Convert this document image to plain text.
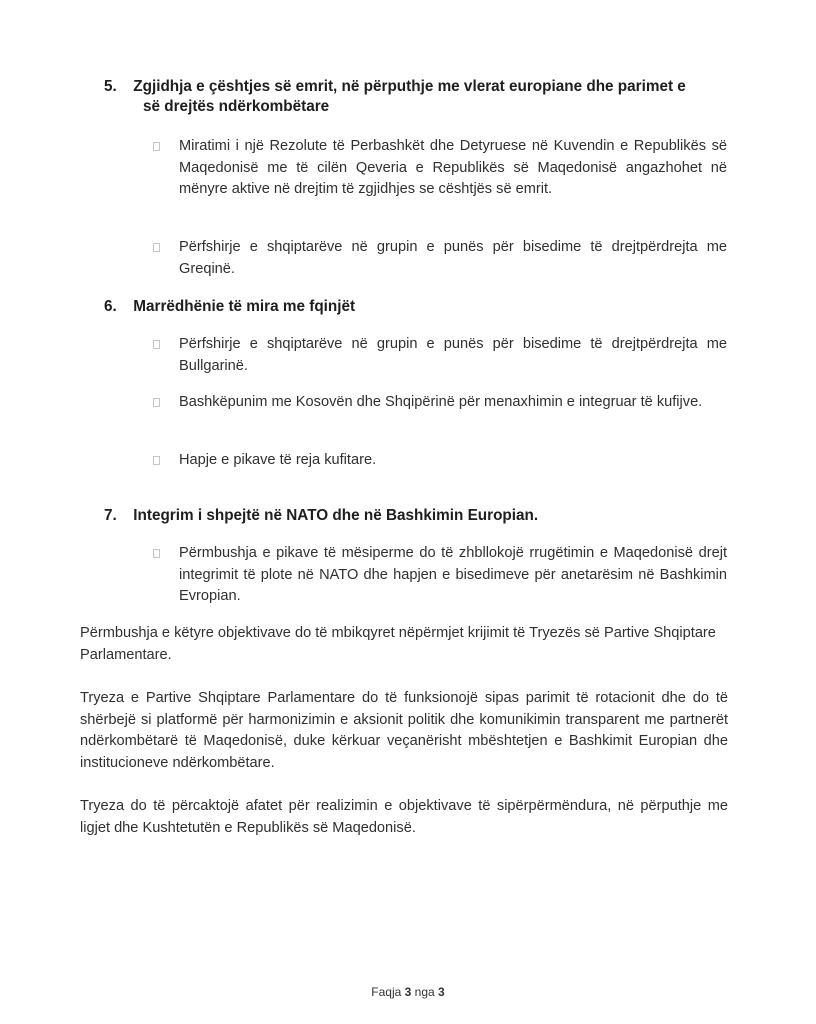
5. Zgjidhja e çështjes së emrit, në përputhje me vlerat europiane dhe parimet e
së drejtës ndërkombëtare
Miratimi i një Rezolute të Perbashkët dhe Detyruese në Kuvendin e Republikës së Maqedonisë me të cilën Qeveria e Republikës së Maqedonisë angazhohet në mënyre aktive në drejtim të zgjidhjes se cështjës së emrit.
Përfshirje e shqiptarëve në grupin e punës për bisedime të drejtpërdrejta me Greqinë.
6. Marrëdhënie të mira me fqinjët
Përfshirje e shqiptarëve në grupin e punës për bisedime të drejtpërdrejta me Bullgarinë.
Bashkëpunim me Kosovën dhe Shqipërinë për menaxhimin e integruar të kufijve.
Hapje e pikave të reja kufitare.
7. Integrim i shpejtë në NATO dhe në Bashkimin Europian.
Përmbushja e pikave të mësiperme do të zhbllokojë rrugëtimin e Maqedonisë drejt integrimit të plote në NATO dhe hapjen e bisedimeve për anetarësim në Bashkimin Evropian.

Përmbushja e këtyre objektivave do të mbikqyret nëpërmjet krijimit të Tryezës së Partive Shqiptare Parlamentare.

Tryeza e Partive Shqiptare Parlamentare do të funksionojë sipas parimit të rotacionit dhe do të shërbejë si platformë për harmonizimin e aksionit politik dhe komunikimin transparent me partnerët ndërkombëtarë të Maqedonisë, duke kërkuar veçanërisht mbështetjen e Bashkimit Europian dhe institucioneve ndërkombëtare.

Tryeza do të përcaktojë afatet për realizimin e objektivave të sipërpërmëndura, në përputhje me ligjet dhe Kushtetutën e Republikës së Maqedonisë.

Faqja 3 nga 3
